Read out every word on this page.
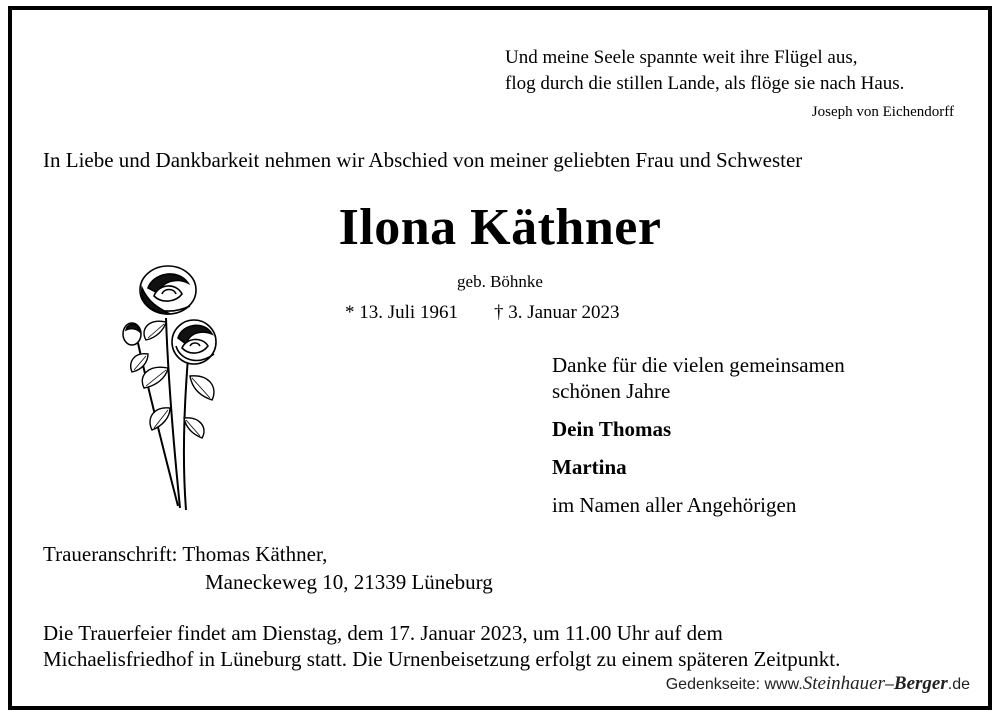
Und meine Seele spannte weit ihre Flügel aus,
flog durch die stillen Lande, als flöge sie nach Haus.
Joseph von Eichendorff
In Liebe und Dankbarkeit nehmen wir Abschied von meiner geliebten Frau und Schwester
Ilona Käthner
geb. Böhnke
* 13. Juli 1961 † 3. Januar 2023
Danke für die vielen gemeinsamen
schönen Jahre
Dein Thomas
Martina
im Namen aller Angehörigen
Traueranschrift: Thomas Käthner,
Maneckeweg 10, 21339 Lüneburg
Die Trauerfeier findet am Dienstag, dem 17. Januar 2023, um 11.00 Uhr auf dem
Michaelisfriedhof in Lüneburg statt. Die Urnenbeisetzung erfolgt zu einem späteren Zeitpunkt.
Gedenkseite: www.Steinhauer–Berger.de
